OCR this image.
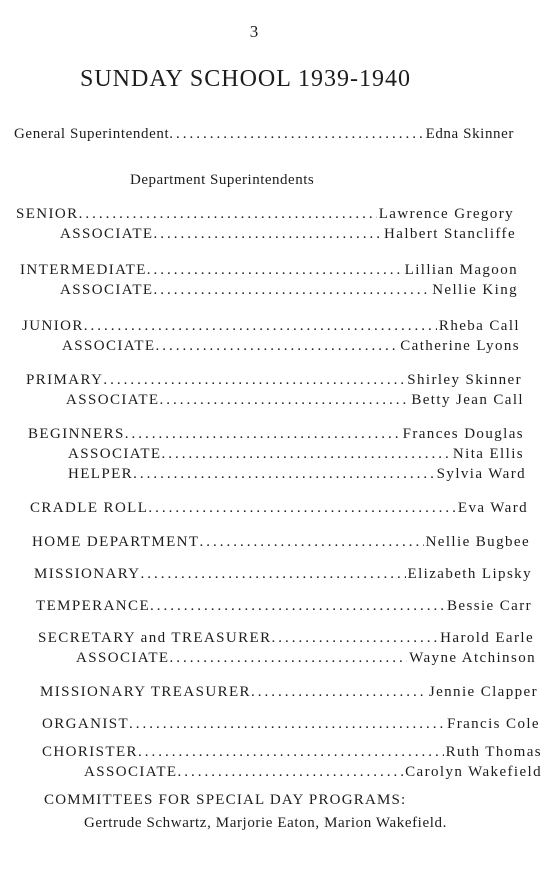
3
SUNDAY SCHOOL 1939-1940
General Superintendent .....	Edna Skinner
Department Superintendents
SENIOR .....	Lawrence Gregory
ASSOCIATE .....	Halbert Stancliffe
INTERMEDIATE .....	Lillian Magoon
ASSOCIATE .....	Nellie King
JUNIOR .....	Rheba Call
ASSOCIATE .....	Catherine Lyons
PRIMARY .....	Shirley Skinner
ASSOCIATE .....	Betty Jean Call
BEGINNERS .....	Frances Douglas
ASSOCIATE .....	Nita Ellis
HELPER .....	Sylvia Ward
CRADLE ROLL .....	Eva Ward
HOME DEPARTMENT .....	Nellie Bugbee
MISSIONARY .....	Elizabeth Lipsky
TEMPERANCE .....	Bessie Carr
SECRETARY and TREASURER .....	Harold Earle
ASSOCIATE .....	Wayne Atchinson
MISSIONARY TREASURER .....	Jennie Clapper
ORGANIST .....	Francis Cole
CHORISTER .....	Ruth Thomas
ASSOCIATE .....	Carolyn Wakefield
COMMITTEES FOR SPECIAL DAY PROGRAMS:
Gertrude Schwartz, Marjorie Eaton, Marion Wakefield.
